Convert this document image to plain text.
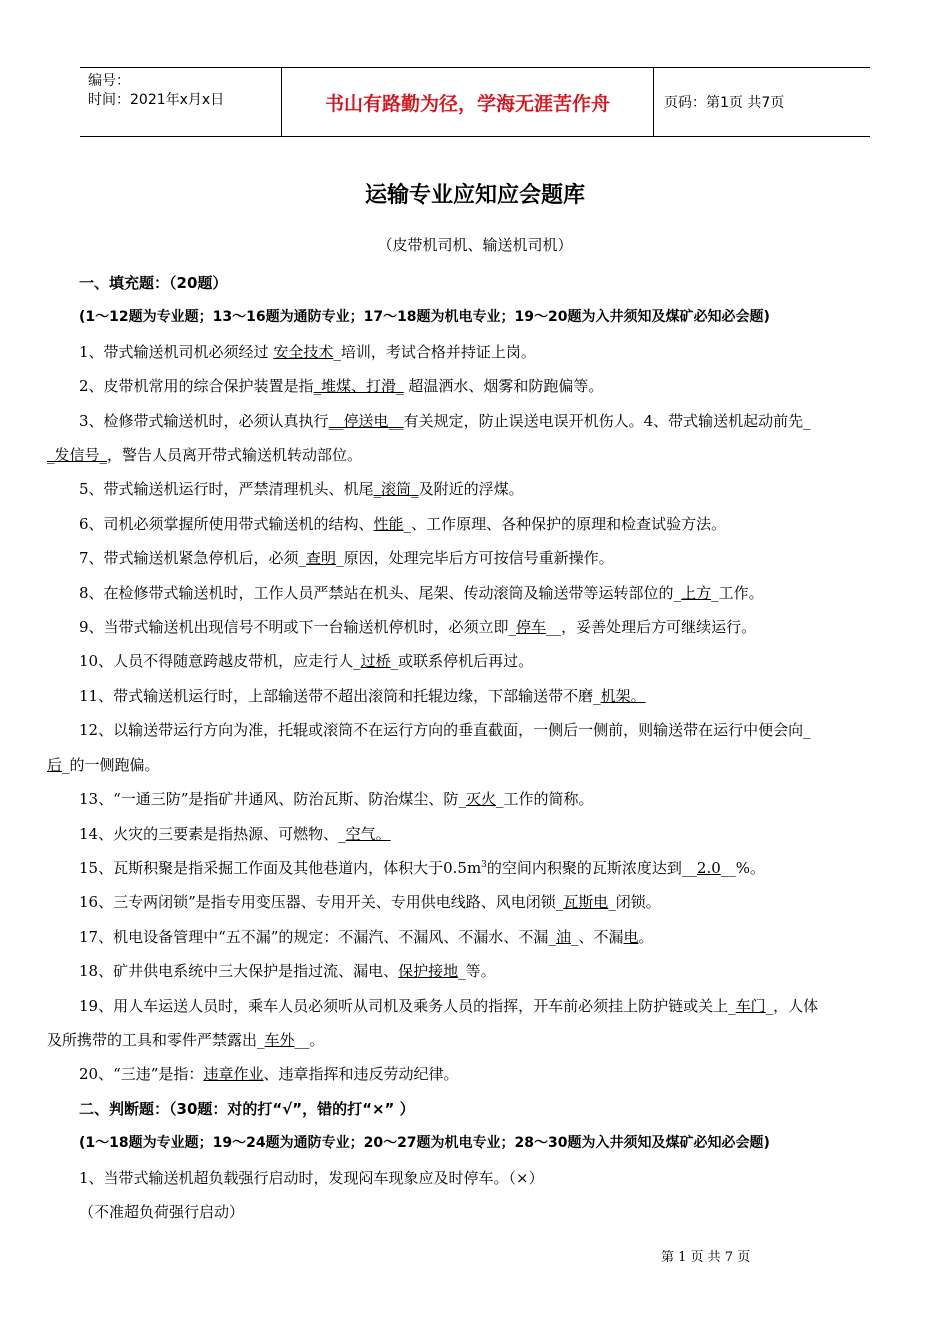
编号：
时间：2021年x月x日	书山有路勤为径，学海无涯苦作舟	页码：第1页 共7页
运输专业应知应会题库
（皮带机司机、输送机司机）
一、填充题：（20题）
(1～12题为专业题；13～16题为通防专业；17～18题为机电专业；19～20题为入井须知及煤矿必知必会题)
1、带式输送机司机必须经过 安全技术_培训，考试合格并持证上岗。
2、皮带机常用的综合保护装置是指_堆煤、打滑_ 超温洒水、烟雾和防跑偏等。
3、检修带式输送机时，必须认真执行__停送电__有关规定，防止误送电误开机伤人。4、带式输送机起动前先_
_发信号_，警告人员离开带式输送机转动部位。
5、带式输送机运行时，严禁清理机头、机尾_滚筒_及附近的浮煤。
6、司机必须掌握所使用带式输送机的结构、性能_、工作原理、各种保护的原理和检查试验方法。
7、带式输送机紧急停机后，必须_查明_原因，处理完毕后方可按信号重新操作。
8、在检修带式输送机时，工作人员严禁站在机头、尾架、传动滚筒及输送带等运转部位的_上方_工作。
9、当带式输送机出现信号不明或下一台输送机停机时，必须立即_停车__，妥善处理后方可继续运行。
10、人员不得随意跨越皮带机，应走行人_过桥_或联系停机后再过。
11、带式输送机运行时，上部输送带不超出滚筒和托辊边缘，下部输送带不磨_机架。
12、以输送带运行方向为准，托辊或滚筒不在运行方向的垂直截面，一侧后一侧前，则输送带在运行中便会向_
后_的一侧跑偏。
13、“一通三防”是指矿井通风、防治瓦斯、防治煤尘、防_灭火_工作的简称。
14、火灾的三要素是指热源、可燃物、_空气。
15、瓦斯积聚是指采掘工作面及其他巷道内，体积大于$0.5m^3$的空间内积聚的瓦斯浓度达到__2.0__%。
16、三专两闭锁”是指专用变压器、专用开关、专用供电线路、风电闭锁_瓦斯电_闭锁。
17、机电设备管理中“五不漏”的规定：不漏汽、不漏风、不漏水、不漏_油_、不漏电。
18、矿井供电系统中三大保护是指过流、漏电、保护接地_等。
19、用人车运送人员时，乘车人员必须听从司机及乘务人员的指挥，开车前必须挂上防护链或关上_车门_，人体
及所携带的工具和零件严禁露出_车外__。
20、“三违”是指：违章作业、违章指挥和违反劳动纪律。
二、判断题：（30题：对的打“√”，错的打“×” ）
(1～18题为专业题；19～24题为通防专业；20～27题为机电专业；28～30题为入井须知及煤矿必知必会题)
1、当带式输送机超负载强行启动时，发现闷车现象应及时停车。（×）
（不准超负荷强行启动）
第 1 页 共 7 页
